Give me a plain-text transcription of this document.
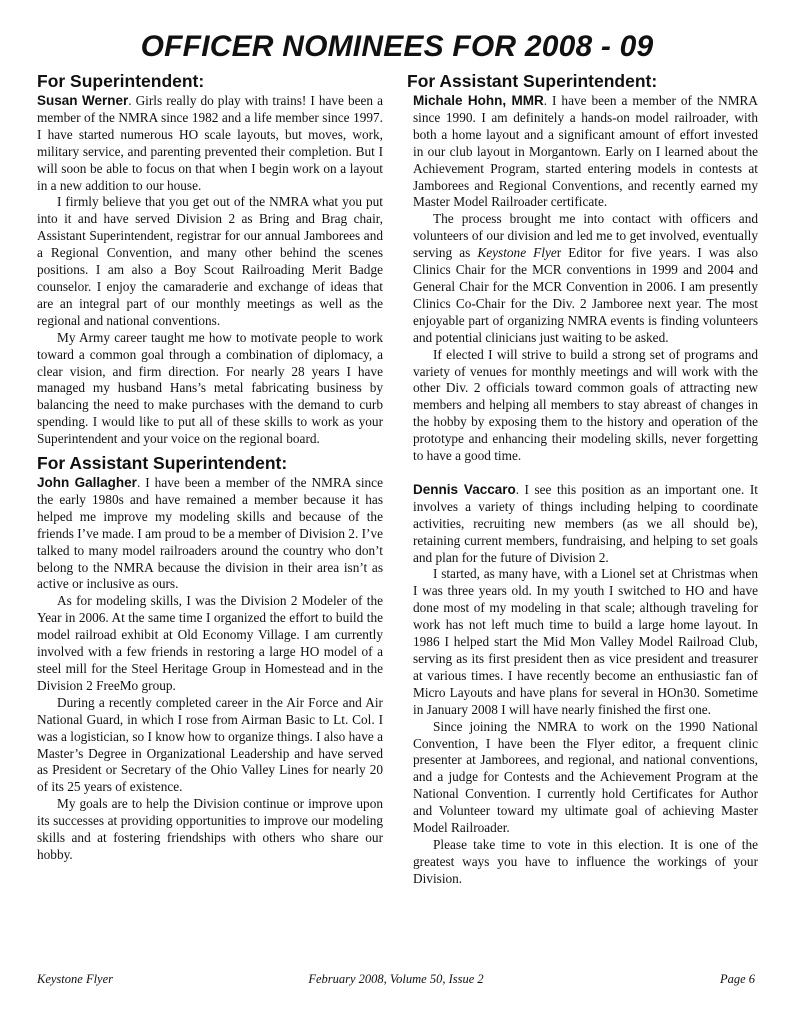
OFFICER NOMINEES FOR 2008 - 09
For Superintendent:

Susan Werner. Girls really do play with trains! I have been a member of the NMRA since 1982 and a life member since 1997. I have started numerous HO scale layouts, but moves, work, military service, and parenting prevented their completion. But I will soon be able to focus on that when I begin work on a layout in a new addition to our house.

I firmly believe that you get out of the NMRA what you put into it and have served Division 2 as Bring and Brag chair, Assistant Superintendent, registrar for our annual Jamborees and a Regional Convention, and many other behind the scenes positions. I am also a Boy Scout Railroading Merit Badge counselor. I enjoy the camaraderie and exchange of ideas that are an integral part of our monthly meetings as well as the regional and national conventions.

My Army career taught me how to motivate people to work toward a common goal through a combination of diplomacy, a clear vision, and firm direction. For nearly 28 years I have managed my husband Hans’s metal fabricating business by balancing the need to make purchases with the demand to curb spending. I would like to put all of these skills to work as your Superintendent and your voice on the regional board.

For Assistant Superintendent:

John Gallagher. I have been a member of the NMRA since the early 1980s and have remained a member because it has helped me improve my modeling skills and because of the friends I’ve made. I am proud to be a member of Division 2. I’ve talked to many model railroaders around the country who don’t belong to the NMRA because the division in their area isn’t as active or inclusive as ours.

As for modeling skills, I was the Division 2 Modeler of the Year in 2006. At the same time I organized the effort to build the model railroad exhibit at Old Economy Village. I am currently involved with a few friends in restoring a large HO model of a steel mill for the Steel Heritage Group in Homestead and in the Division 2 FreeMo group.

During a recently completed career in the Air Force and Air National Guard, in which I rose from Airman Basic to Lt. Col. I was a logistician, so I know how to organize things. I also have a Master’s Degree in Organizational Leadership and have served as President or Secretary of the Ohio Valley Lines for nearly 20 of its 25 years of existence.

My goals are to help the Division continue or improve upon its successes at providing opportunities to improve our modeling skills and at fostering friendships with others who share our hobby.

For Assistant Superintendent:

Michale Hohn, MMR. I have been a member of the NMRA since 1990. I am definitely a hands-on model railroader, with both a home layout and a significant amount of effort invested in our club layout in Morgantown. Early on I learned about the Achievement Program, started entering models in contests at Jamborees and Regional Conventions, and recently earned my Master Model Railroader certificate.

The process brought me into contact with officers and volunteers of our division and led me to get involved, eventually serving as Keystone Flyer Editor for five years. I was also Clinics Chair for the MCR conventions in 1999 and 2004 and General Chair for the MCR Convention in 2006. I am presently Clinics Co-Chair for the Div. 2 Jamboree next year. The most enjoyable part of organizing NMRA events is finding volunteers and potential clinicians just waiting to be asked.

If elected I will strive to build a strong set of programs and variety of venues for monthly meetings and will work with the other Div. 2 officials toward common goals of attracting new members and helping all members to stay abreast of changes in the hobby by exposing them to the history and operation of the prototype and enhancing their modeling skills, never forgetting to have a good time.

Dennis Vaccaro. I see this position as an important one. It involves a variety of things including helping to coordinate activities, recruiting new members (as we all should be), retaining current members, fundraising, and helping to set goals and plan for the future of Division 2.

I started, as many have, with a Lionel set at Christmas when I was three years old. In my youth I switched to HO and have done most of my modeling in that scale; although traveling for work has not left much time to build a large home layout. In 1986 I helped start the Mid Mon Valley Model Railroad Club, serving as its first president then as vice president and treasurer at various times. I have recently become an enthusiastic fan of Micro Layouts and have plans for several in HOn30. Sometime in January 2008 I will have nearly finished the first one.

Since joining the NMRA to work on the 1990 National Convention, I have been the Flyer editor, a frequent clinic presenter at Jamborees, and regional, and national conventions, and a judge for Contests and the Achievement Program at the National Convention. I currently hold Certificates for Author and Volunteer toward my ultimate goal of achieving Master Model Railroader.

Please take time to vote in this election. It is one of the greatest ways you have to influence the workings of your Division.

Keystone Flyer	February 2008, Volume 50, Issue 2	Page 6
